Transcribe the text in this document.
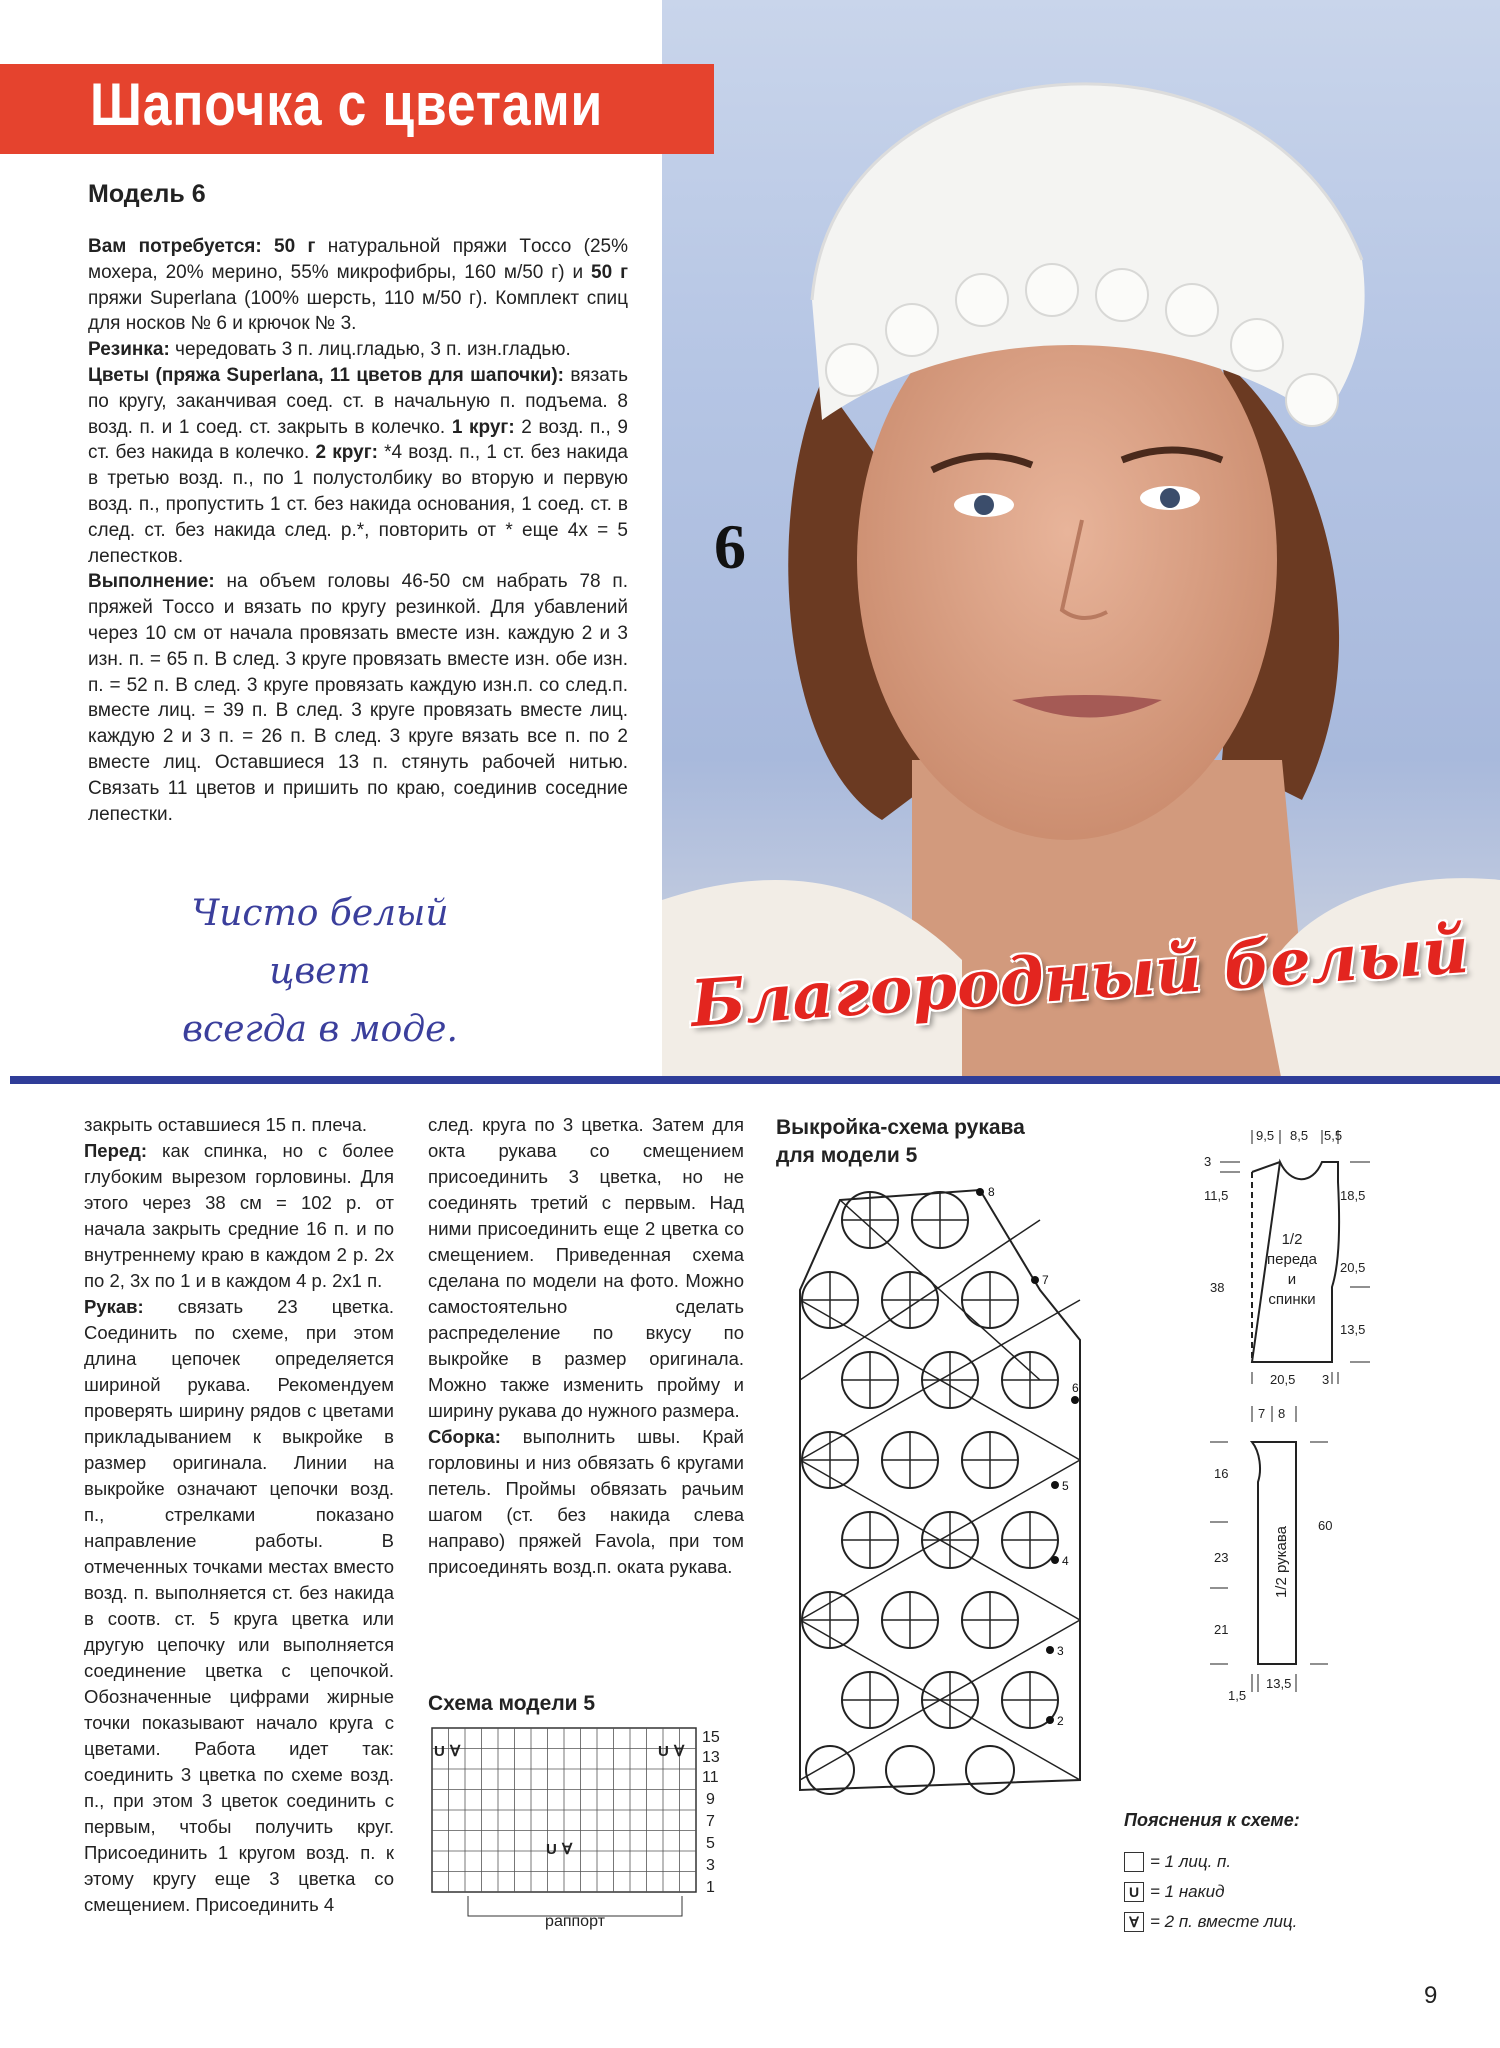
Шапочка с цветами
Модель 6

Вам потребуется: 50 г натуральной пряжи Tоссо (25% мохера, 20% мерино, 55% микрофибры, 160 м/50 г) и 50 г пряжи Superlana (100% шерсть, 110 м/50 г). Комплект спиц для носков № 6 и крючок № 3.

Резинка: чередовать 3 п. лиц.гладью, 3 п. изн.гладью.

Цветы (пряжа Superlana, 11 цветов для шапочки): вязать по кругу, заканчивая соед. ст. в начальную п. подъема. 8 возд. п. и 1 соед. ст. закрыть в колечко. 1 круг: 2 возд. п., 9 ст. без накида в колечко. 2 круг: *4 возд. п., 1 ст. без накида в третью возд. п., по 1 полустолбику во вторую и первую возд. п., пропустить 1 ст. без накида основания, 1 соед. ст. в след. ст. без накида след. р.*, повторить от * еще 4х = 5 лепестков.

Выполнение: на объем головы 46-50 см набрать 78 п. пряжей Tоссо и вязать по кругу резинкой. Для убавлений через 10 см от начала провязать вместе изн. каждую 2 и 3 изн. п. = 65 п. В след. 3 круге провязать вместе изн. обе изн. п. = 52 п. В след. 3 круге провязать каждую изн.п. со след.п. вместе лиц. = 39 п. В след. 3 круге провязать вместе лиц. каждую 2 и 3 п. = 26 п. В след. 3 круге вязать все п. по 2 вместе лиц. Оставшиеся 13 п. стянуть рабочей нитью. Связать 11 цветов и пришить по краю, соединив соседние лепестки.

6
Чисто белый цвет
всегда в моде.	Благородный белый

закрыть оставшиеся 15 п. плеча.

Перед: как спинка, но с более глубоким вырезом горловины. Для этого через 38 см = 102 р. от начала закрыть средние 16 п. и по внутреннему краю в каждом 2 р. 2х по 2, 3х по 1 и в каждом 4 р. 2х1 п.

Рукав: связать 23 цветка. Соединить по схеме, при этом длина цепочек определяется шириной рукава. Рекомендуем проверять ширину рядов с цветами прикладыванием к выкройке в размер оригинала. Линии на выкройке означают цепочки возд. п., стрелками показано направление работы. В отмеченных точками местах вместо возд. п. выполняется ст. без накида в соотв. ст. 5 круга цветка или другую цепочку или выполняется соединение цветка с цепочкой. Обозначенные цифрами жирные точки показывают начало круга с цветами. Работа идет так: соединить 3 цветка по схеме возд. п., при этом 3 цветок соединить с первым, чтобы получить круг. Присоединить 1 кругом возд. п. к этому кругу еще 3 цветка со смещением. Присоединить 4

след. круга по 3 цветка. Затем для окта рукава со смещением присоединить 3 цветка, но не соединять третий с первым. Над ними присоединить еще 2 цветка со смещением. Приведенная схема сделана по модели на фото. Можно самостоятельно сделать распределение по вкусу по выкройке в размер оригинала. Можно также изменить пройму и ширину рукава до нужного размера.

Сборка: выполнить швы. Край горловины и низ обвязать 6 кругами петель. Проймы обвязать рачьим шагом (ст. без накида слева направо) пряжей Favola, при том присоединять возд.п. оката рукава.

Выкройка-схема рукава
для модели 5
8
7
6
5
4
3
2
9,5 8,5 5,5
3
11,5
38
18,5
20,5
13,5
20,5 3
1/2
переда
и
спинки
7 8
16
23
21
60
1,5
13,5
1/2 рукава
Схема модели 5
U ∀	U ∀
U ∀
15
13
11
9
7
5
3
1
раппорт
Пояснения к схеме:
= 1 лиц. п.
U = 1 накид
∀ = 2 п. вместе лиц.
9
